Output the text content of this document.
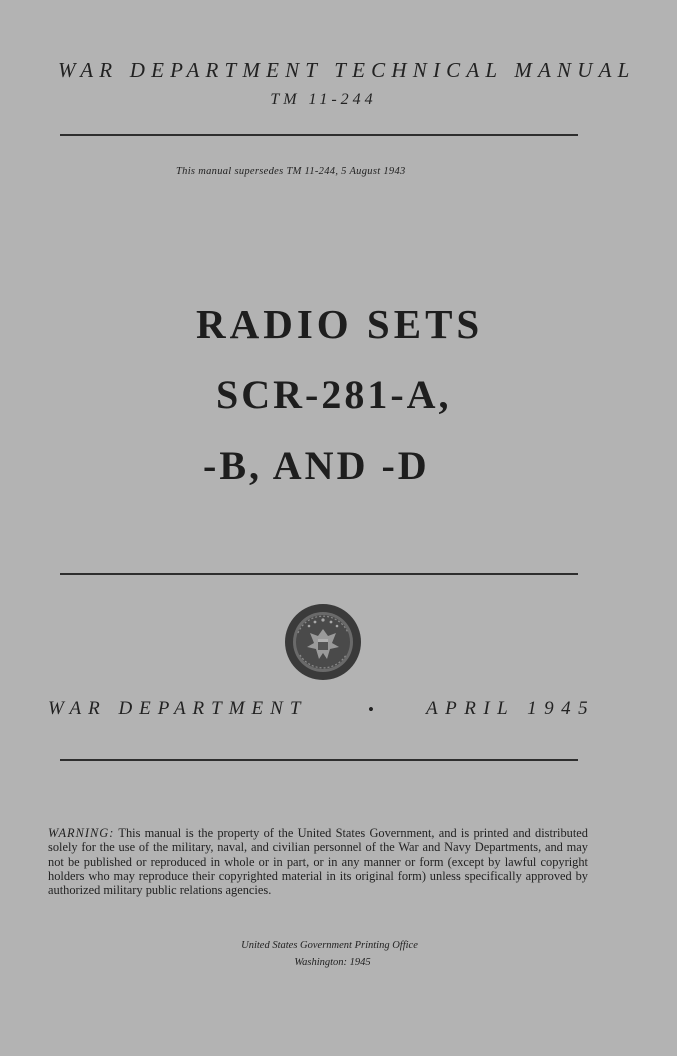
WAR DEPARTMENT TECHNICAL MANUAL
TM 11-244
This manual supersedes TM 11-244, 5 August 1943
RADIO SETS
SCR-281-A,
-B, AND -D
WAR DEPARTMENT	•	APRIL 1945
WARNING: This manual is the property of the United States Government, and is printed and distributed solely for the use of the military, naval, and civilian personnel of the War and Navy Departments, and may not be published or reproduced in whole or in part, or in any manner or form (except by lawful copyright holders who may reproduce their copyrighted material in its original form) unless specifically approved by authorized military public relations agencies.
United States Government Printing Office
Washington: 1945
